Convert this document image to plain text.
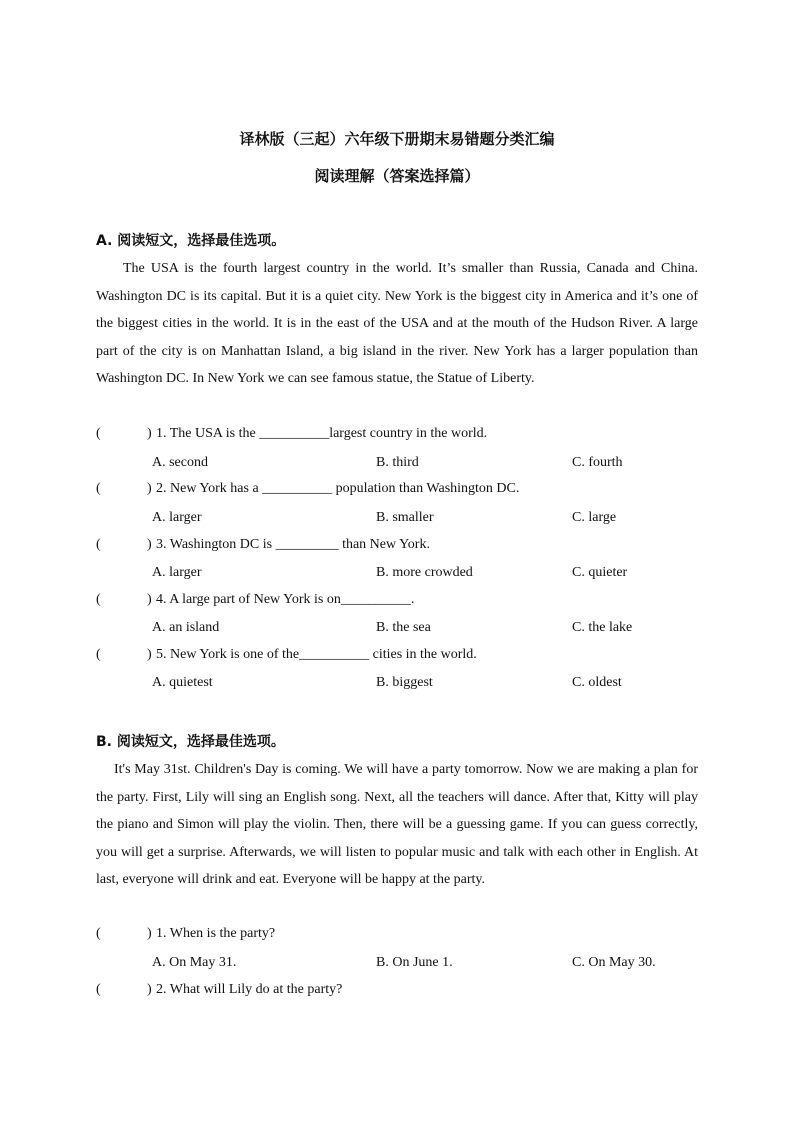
译林版（三起）六年级下册期末易错题分类汇编
阅读理解（答案选择篇）
A. 阅读短文，选择最佳选项。

The USA is the fourth largest country in the world. It’s smaller than Russia, Canada and China. Washington DC is its capital. But it is a quiet city. New York is the biggest city in America and it’s one of the biggest cities in the world. It is in the east of the USA and at the mouth of the Hudson River. A large part of the city is on Manhattan Island, a big island in the river. New York has a larger population than Washington DC. In New York we can see famous statue, the Statue of Liberty.

(	) 1. The USA is the __________largest country in the world.
A. second	B. third	C. fourth
(	) 2. New York has a __________ population than Washington DC.
A. larger	B. smaller	C. large
(	) 3. Washington DC is _________ than New York.
A. larger	B. more crowded	C. quieter
(	) 4. A large part of New York is on__________.
A. an island	B. the sea	C. the lake
(	) 5. New York is one of the__________ cities in the world.
A. quietest	B. biggest	C. oldest
B. 阅读短文，选择最佳选项。

It's May 31st. Children's Day is coming. We will have a party tomorrow. Now we are making a plan for the party. First, Lily will sing an English song. Next, all the teachers will dance. After that, Kitty will play the piano and Simon will play the violin. Then, there will be a guessing game. If you can guess correctly, you will get a surprise. Afterwards, we will listen to popular music and talk with each other in English. At last, everyone will drink and eat. Everyone will be happy at the party.

(	) 1. When is the party?
A. On May 31.	B. On June 1.	C. On May 30.
(	) 2. What will Lily do at the party?
